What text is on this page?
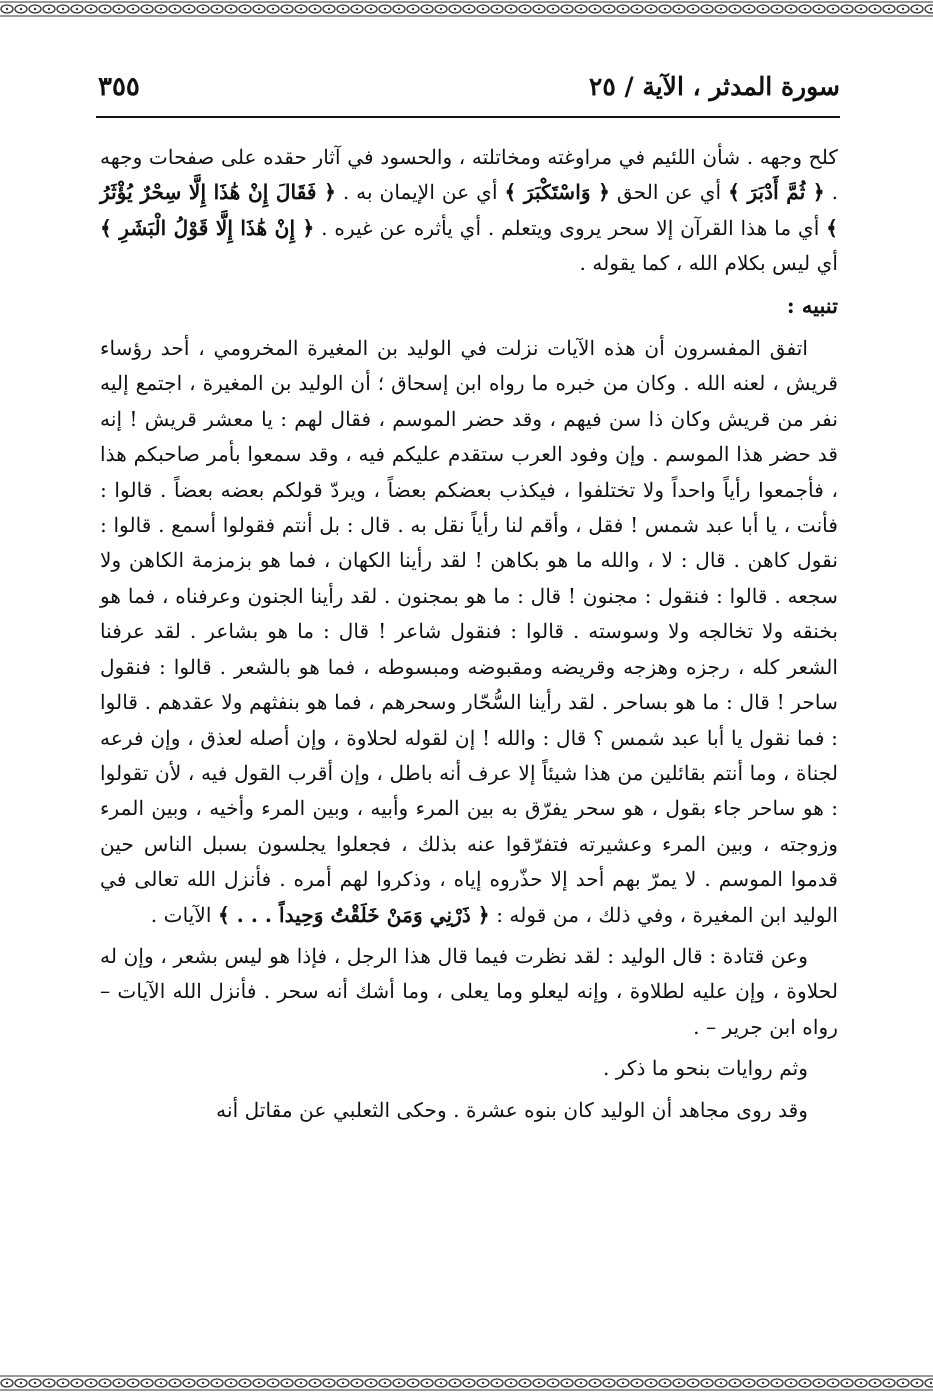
سورة المدثر ، الآية / ٢٥
٣٥٥

كلح وجهه . شأن اللئيم في مراوغته ومخاتلته ، والحسود في آثار حقده على صفحات وجهه . ﴿ ثُمَّ أَدْبَرَ ﴾ أي عن الحق ﴿ وَاسْتَكْبَرَ ﴾ أي عن الإيمان به . ﴿ فَقَالَ إِنْ هَٰذَا إِلَّا سِحْرٌ يُؤْثَرُ ﴾ أي ما هذا القرآن إلا سحر يروى ويتعلم . أي يأثره عن غيره . ﴿ إِنْ هَٰذَا إِلَّا قَوْلُ الْبَشَرِ ﴾ أي ليس بكلام الله ، كما يقوله .

تنبيه :

اتفق المفسرون أن هذه الآيات نزلت في الوليد بن المغيرة المخرومي ، أحد رؤساء قريش ، لعنه الله . وكان من خبره ما رواه ابن إسحاق ؛ أن الوليد بن المغيرة ، اجتمع إليه نفر من قريش وكان ذا سن فيهم ، وقد حضر الموسم ، فقال لهم : يا معشر قريش ! إنه قد حضر هذا الموسم . وإن وفود العرب ستقدم عليكم فيه ، وقد سمعوا بأمر صاحبكم هذا ، فأجمعوا رأياً واحداً ولا تختلفوا ، فيكذب بعضكم بعضاً ، ويردّ قولكم بعضه بعضاً . قالوا : فأنت ، يا أبا عبد شمس ! فقل ، وأقم لنا رأياً نقل به . قال : بل أنتم فقولوا أسمع . قالوا : نقول كاهن . قال : لا ، والله ما هو بكاهن ! لقد رأينا الكهان ، فما هو بزمزمة الكاهن ولا سجعه . قالوا : فنقول : مجنون ! قال : ما هو بمجنون . لقد رأينا الجنون وعرفناه ، فما هو بخنقه ولا تخالجه ولا وسوسته . قالوا : فنقول شاعر ! قال : ما هو بشاعر . لقد عرفنا الشعر كله ، رجزه وهزجه وقريضه ومقبوضه ومبسوطه ، فما هو بالشعر . قالوا : فنقول ساحر ! قال : ما هو بساحر . لقد رأينا السُّحّار وسحرهم ، فما هو بنفثهم ولا عقدهم . قالوا : فما نقول يا أبا عبد شمس ؟ قال : والله ! إن لقوله لحلاوة ، وإن أصله لعذق ، وإن فرعه لجناة ، وما أنتم بقائلين من هذا شيئاً إلا عرف أنه باطل ، وإن أقرب القول فيه ، لأن تقولوا : هو ساحر جاء بقول ، هو سحر يفرّق به بين المرء وأبيه ، وبين المرء وأخيه ، وبين المرء وزوجته ، وبين المرء وعشيرته فتفرّقوا عنه بذلك ، فجعلوا يجلسون بسبل الناس حين قدموا الموسم . لا يمرّ بهم أحد إلا حذّروه إياه ، وذكروا لهم أمره . فأنزل الله تعالى في الوليد ابن المغيرة ، وفي ذلك ، من قوله : ﴿ ذَرْنِي وَمَنْ خَلَقْتُ وَحِيداً . . . ﴾ الآيات .

وعن قتادة : قال الوليد : لقد نظرت فيما قال هذا الرجل ، فإذا هو ليس بشعر ، وإن له لحلاوة ، وإن عليه لطلاوة ، وإنه ليعلو وما يعلى ، وما أشك أنه سحر . فأنزل الله الآيات – رواه ابن جرير – .

وثم روايات بنحو ما ذكر .

وقد روى مجاهد أن الوليد كان بنوه عشرة . وحكى الثعلبي عن مقاتل أنه
